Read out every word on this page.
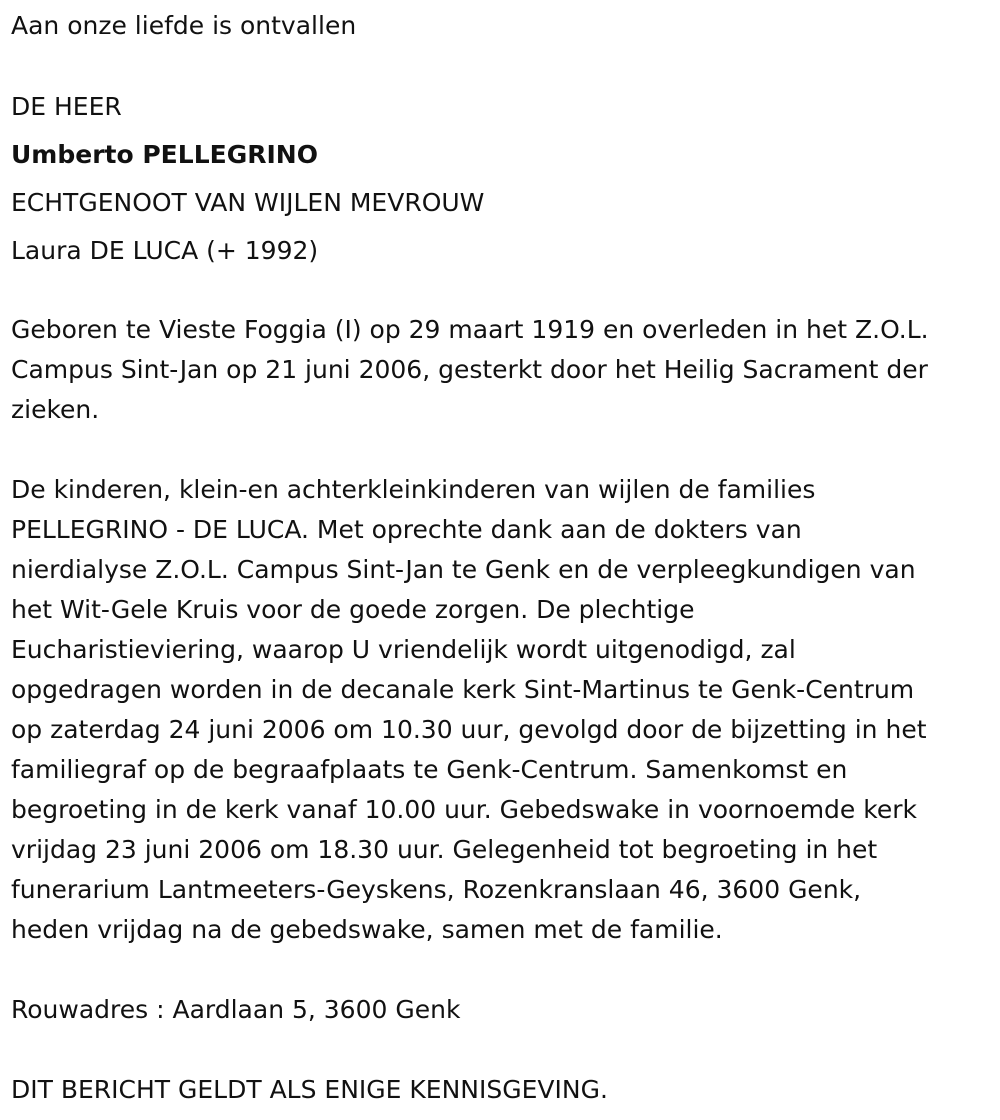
Aan onze liefde is ontvallen

DE HEER

Umberto PELLEGRINO

ECHTGENOOT VAN WIJLEN MEVROUW

Laura DE LUCA (+ 1992)

Geboren te Vieste Foggia (I) op 29 maart 1919 en overleden in het Z.O.L.
Campus Sint-Jan op 21 juni 2006, gesterkt door het Heilig Sacrament der
zieken.
De kinderen, klein-en achterkleinkinderen van wijlen de families
PELLEGRINO - DE LUCA. Met oprechte dank aan de dokters van
nierdialyse Z.O.L. Campus Sint-Jan te Genk en de verpleegkundigen van
het Wit-Gele Kruis voor de goede zorgen. De plechtige
Eucharistieviering, waarop U vriendelijk wordt uitgenodigd, zal
opgedragen worden in de decanale kerk Sint-Martinus te Genk-Centrum
op zaterdag 24 juni 2006 om 10.30 uur, gevolgd door de bijzetting in het
familiegraf op de begraafplaats te Genk-Centrum. Samenkomst en
begroeting in de kerk vanaf 10.00 uur. Gebedswake in voornoemde kerk
vrijdag 23 juni 2006 om 18.30 uur. Gelegenheid tot begroeting in het
funerarium Lantmeeters-Geyskens, Rozenkranslaan 46, 3600 Genk,
heden vrijdag na de gebedswake, samen met de familie.

Rouwadres : Aardlaan 5, 3600 Genk

DIT BERICHT GELDT ALS ENIGE KENNISGEVING.
